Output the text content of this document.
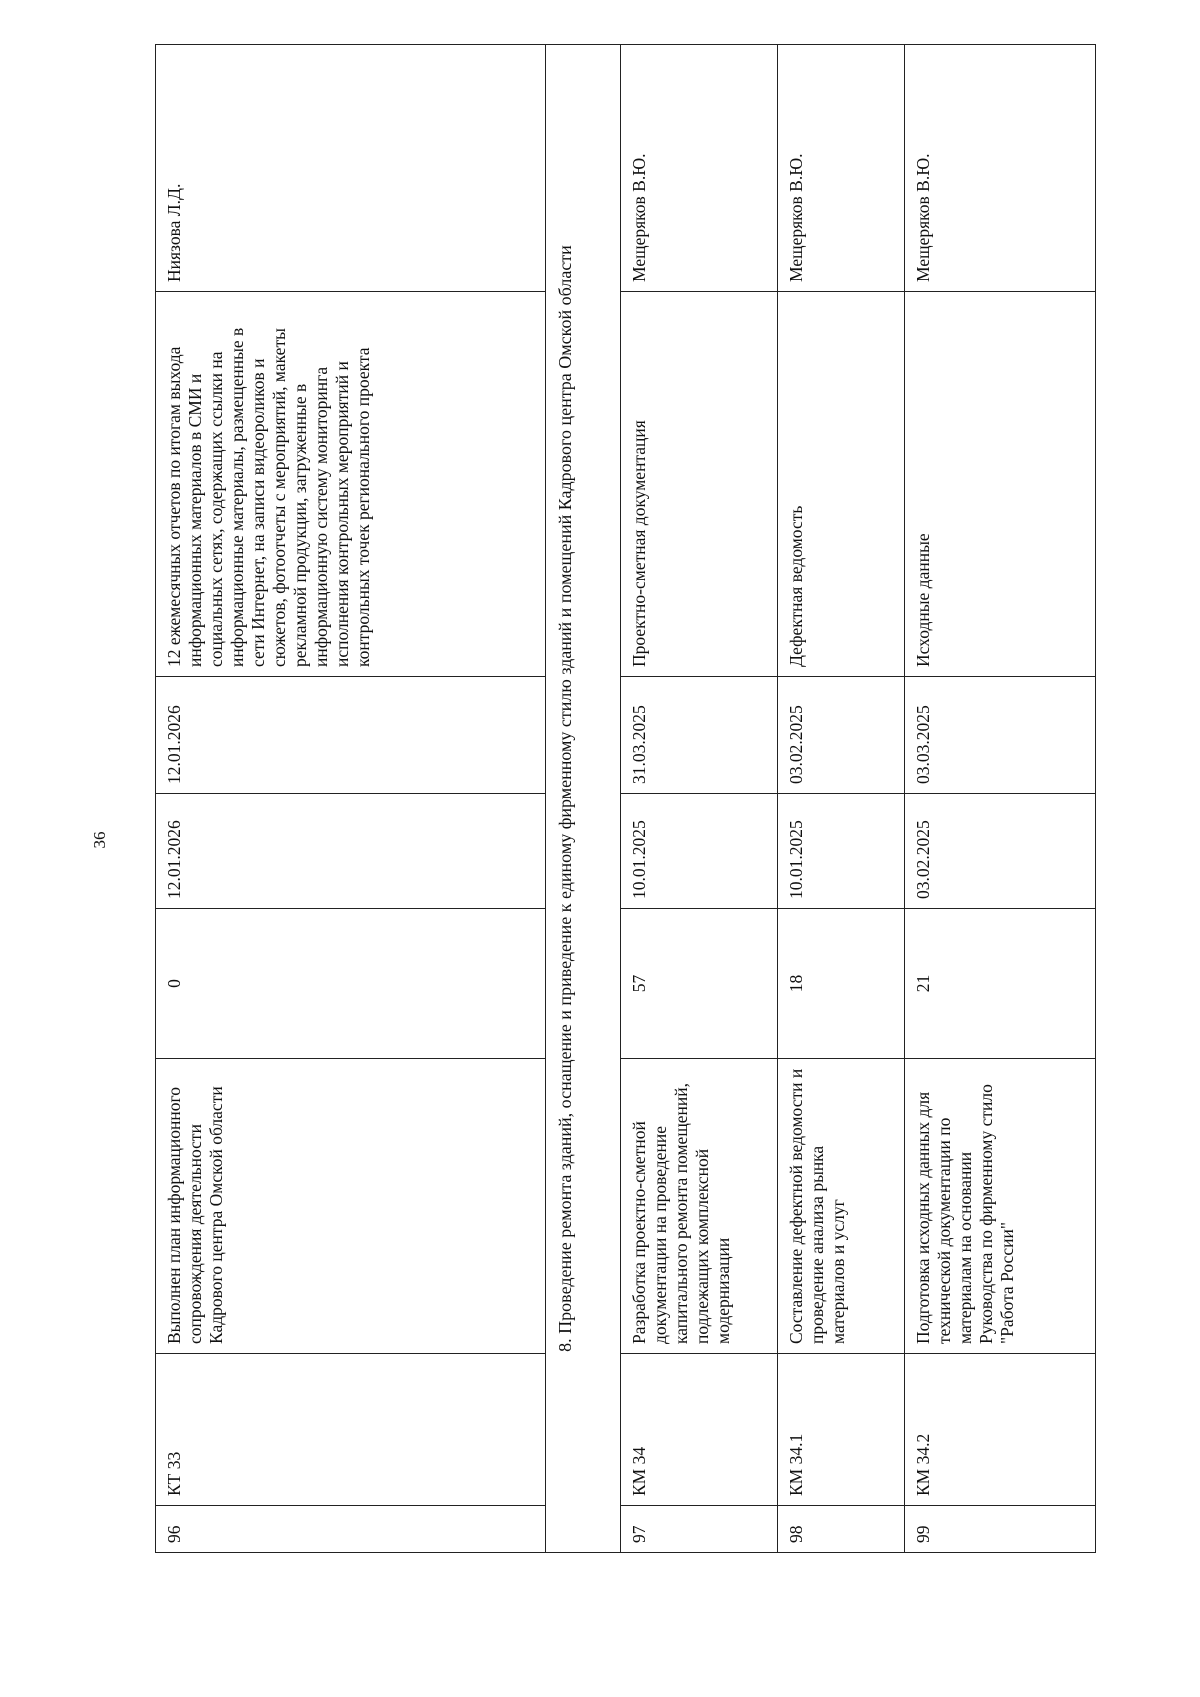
36
96	КТ 33	Выполнен план информационного сопровождения деятельности Кадрового центра Омской области	0	12.01.2026	12.01.2026	12 ежемесячных отчетов по итогам выхода информационных материалов в СМИ и социальных сетях, содержащих ссылки на информационные материалы, размещенные в сети Интернет, на записи видеороликов и сюжетов, фотоотчеты с мероприятий, макеты рекламной продукции, загруженные в информационную систему мониторинга исполнения контрольных мероприятий и контрольных точек регионального проекта	Ниязова Л.Д.
8. Проведение ремонта зданий, оснащение и приведение к единому фирменному стилю зданий и помещений Кадрового центра Омской области							
97	КМ 34	Разработка проектно-сметной документации на проведение капитального ремонта помещений, подлежащих комплексной модернизации	57	10.01.2025	31.03.2025	Проектно-сметная документация	Мещеряков В.Ю.
98	КМ 34.1	Составление дефектной ведомости и проведение анализа рынка материалов и услуг	18	10.01.2025	03.02.2025	Дефектная ведомость	Мещеряков В.Ю.
99	КМ 34.2	Подготовка исходных данных для технической документации по материалам на основании Руководства по фирменному стило "Работа России"	21	03.02.2025	03.03.2025	Исходные данные	Мещеряков В.Ю.
